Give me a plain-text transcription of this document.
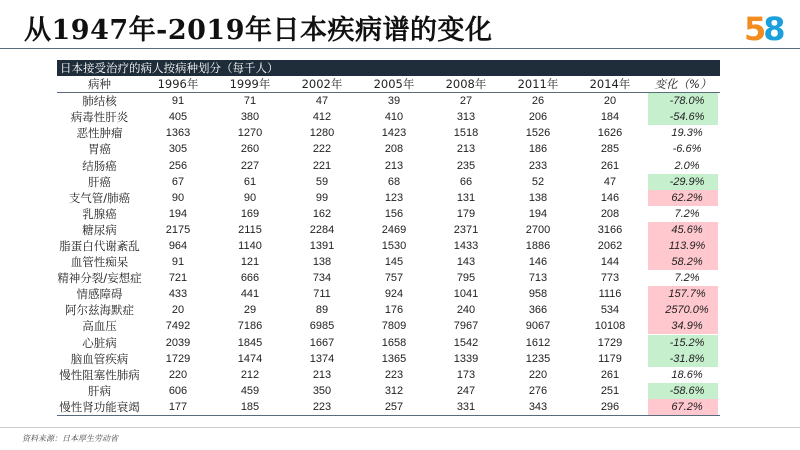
从1947年-2019年日本疾病谱的变化	58
日本接受治疗的病人按病种划分（每千人）								
病种	1996年	1999年	2002年	2005年	2008年	2011年	2014年	变化（%）
肺结核	91	71	47	39	27	26	20	-78.0%

病毒性肝炎	405	380	412	410	313	206	184	-54.6%

恶性肿瘤	1363	1270	1280	1423	1518	1526	1626	19.3%

胃癌	305	260	222	208	213	186	285	-6.6%

结肠癌	256	227	221	213	235	233	261	2.0%

肝癌	67	61	59	68	66	52	47	-29.9%

支气管/肺癌	90	90	99	123	131	138	146	62.2%

乳腺癌	194	169	162	156	179	194	208	7.2%

糖尿病	2175	2115	2284	2469	2371	2700	3166	45.6%

脂蛋白代谢紊乱	964	1140	1391	1530	1433	1886	2062	113.9%

血管性痴呆	91	121	138	145	143	146	144	58.2%

精神分裂/妄想症	721	666	734	757	795	713	773	7.2%

情感障碍	433	441	711	924	1041	958	1116	157.7%

阿尔兹海默症	20	29	89	176	240	366	534	2570.0%

高血压	7492	7186	6985	7809	7967	9067	10108	34.9%

心脏病	2039	1845	1667	1658	1542	1612	1729	-15.2%

脑血管疾病	1729	1474	1374	1365	1339	1235	1179	-31.8%

慢性阻塞性肺病	220	212	213	223	173	220	261	18.6%

肝病	606	459	350	312	247	276	251	-58.6%

慢性肾功能衰竭	177	185	223	257	331	343	296	67.2%
资料来源：日本厚生劳动省
